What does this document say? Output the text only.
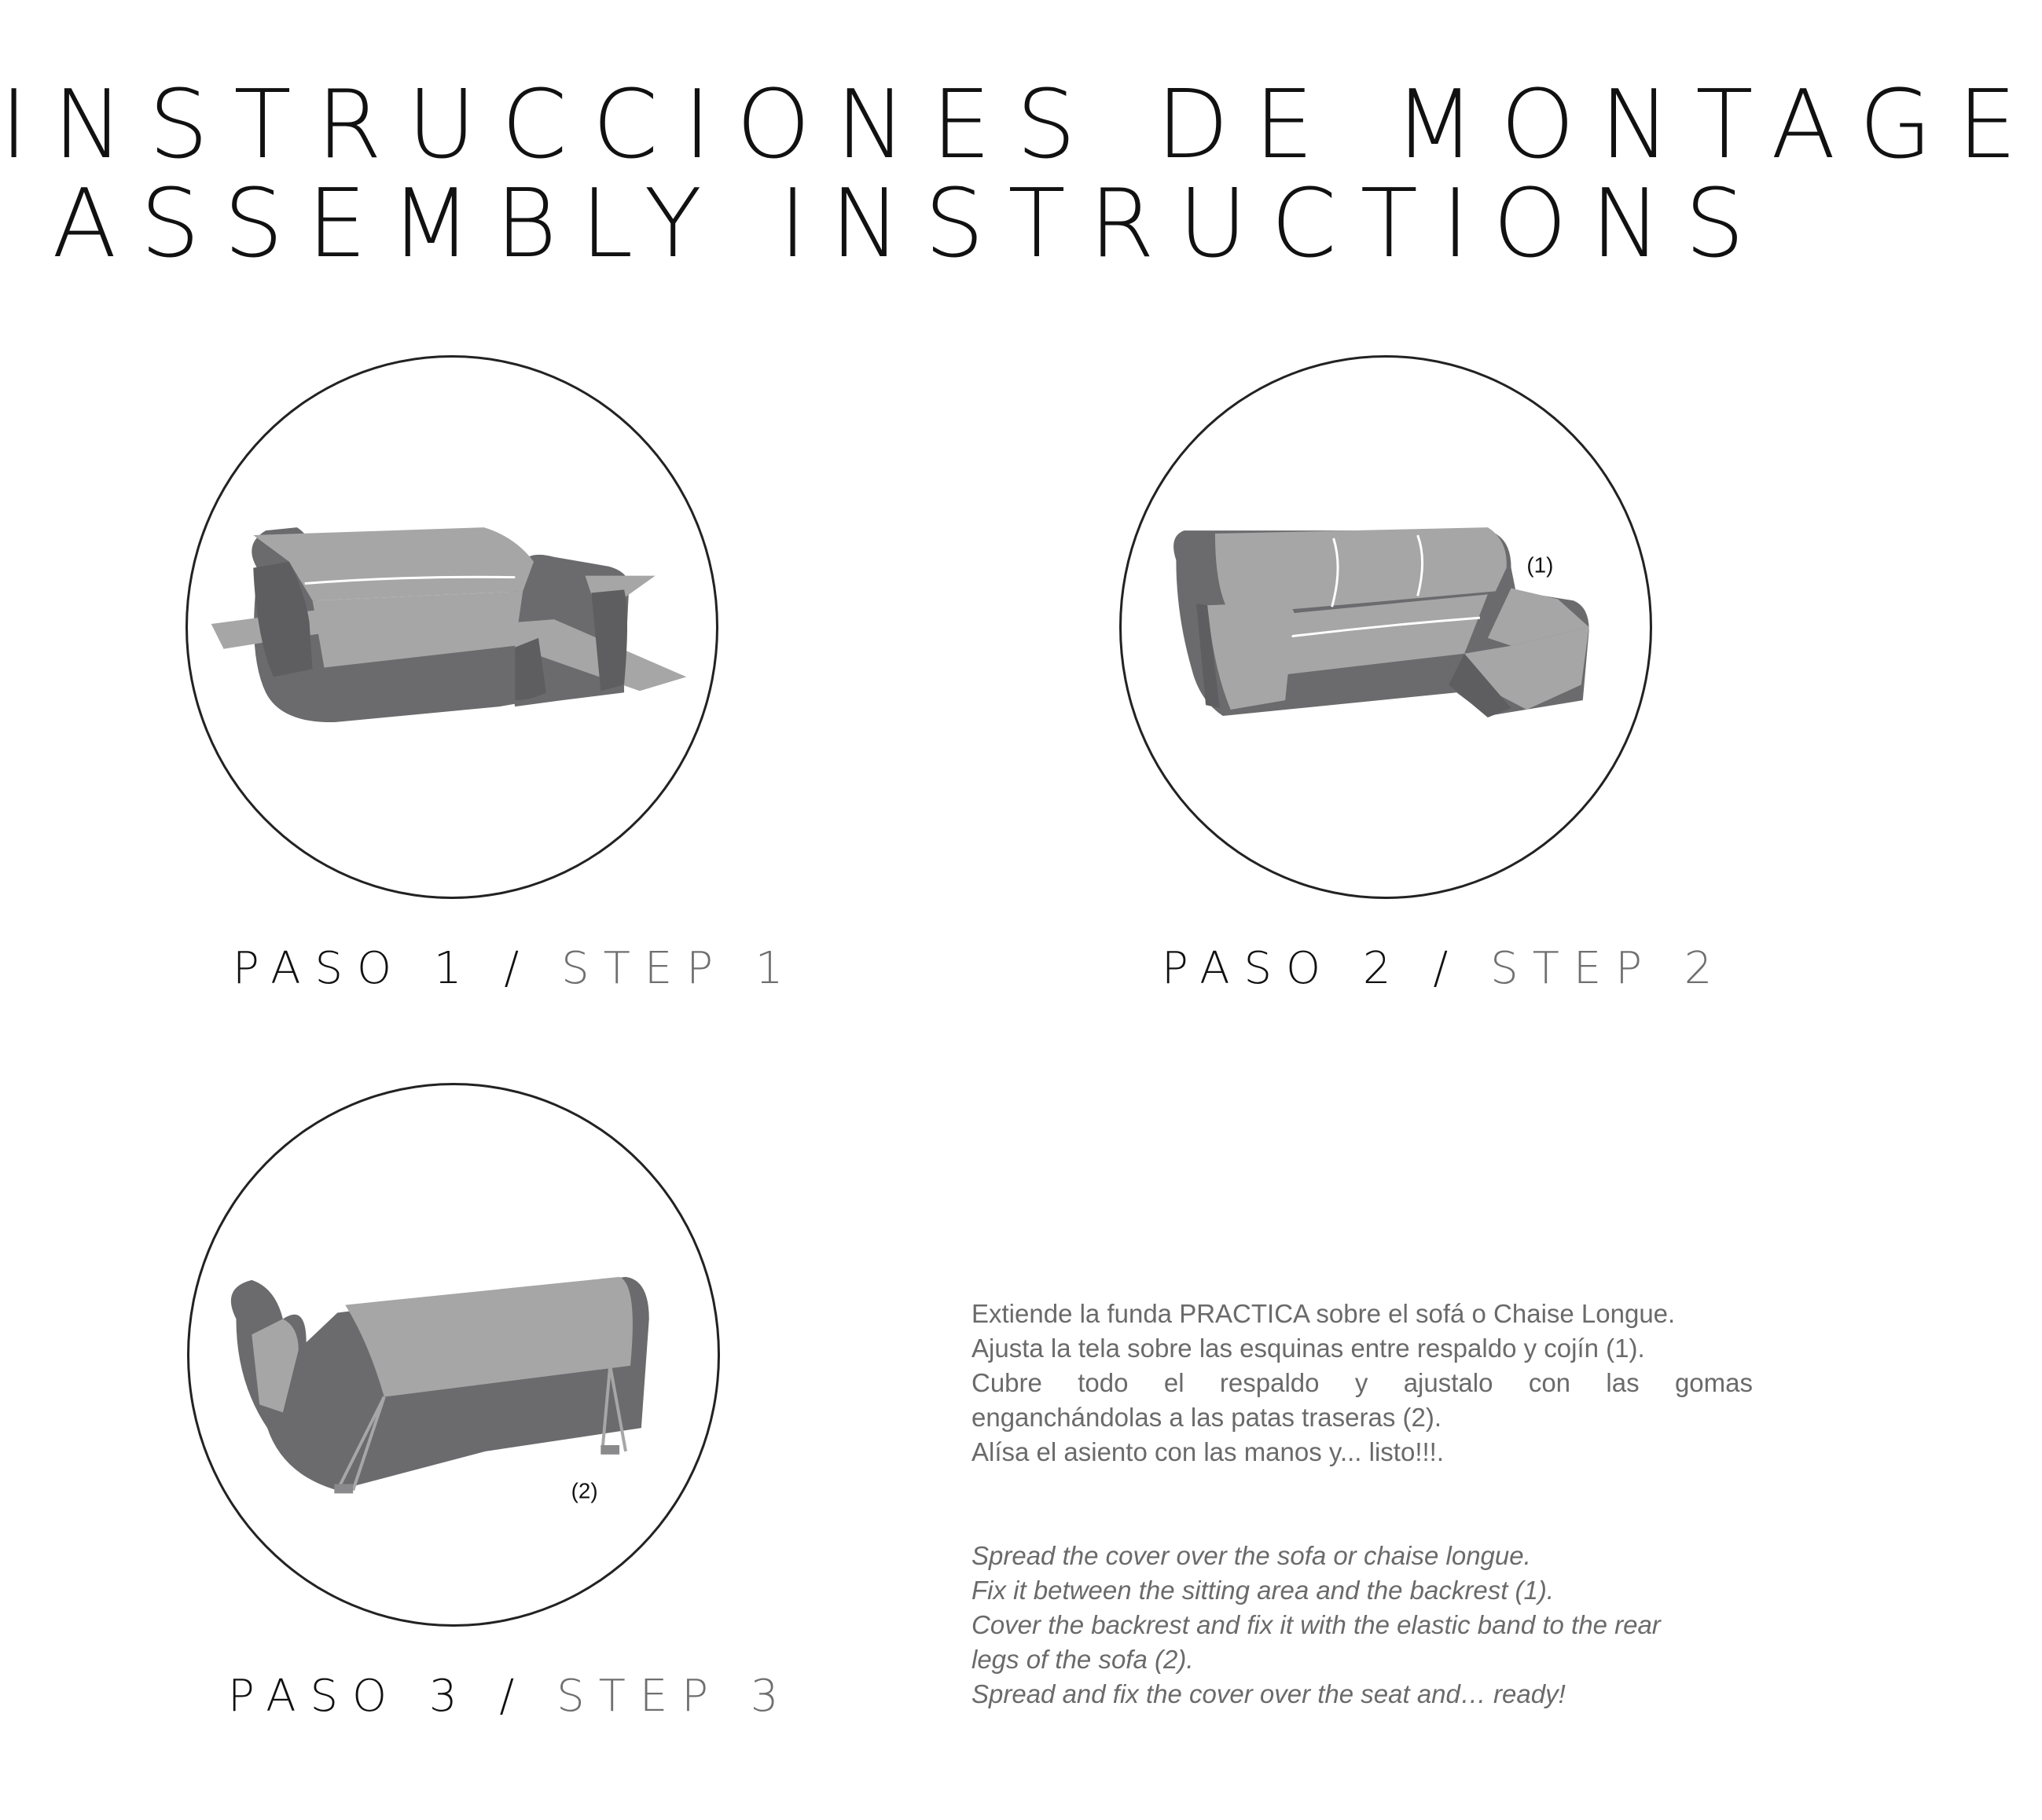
INSTRUCCIONES DE MONTAGE
ASSEMBLY INSTRUCTIONS
PASO 1 / STEP 1
(1)
PASO 2 / STEP 2
(2)
PASO 3 / STEP 3
Extiende la funda PRACTICA sobre el sofá o Chaise Longue.
Ajusta la tela sobre las esquinas entre respaldo y cojín (1).
Cubre todo el respaldo y ajustalo con las gomas
enganchándolas a las patas traseras (2).
Alísa el asiento con las manos y... listo!!!.
Spread the cover over the sofa or chaise longue.
Fix it between the sitting area and the backrest (1).
Cover the backrest and fix it with the elastic band to the rear
legs of the sofa (2).
Spread and fix the cover over the seat and… ready!
